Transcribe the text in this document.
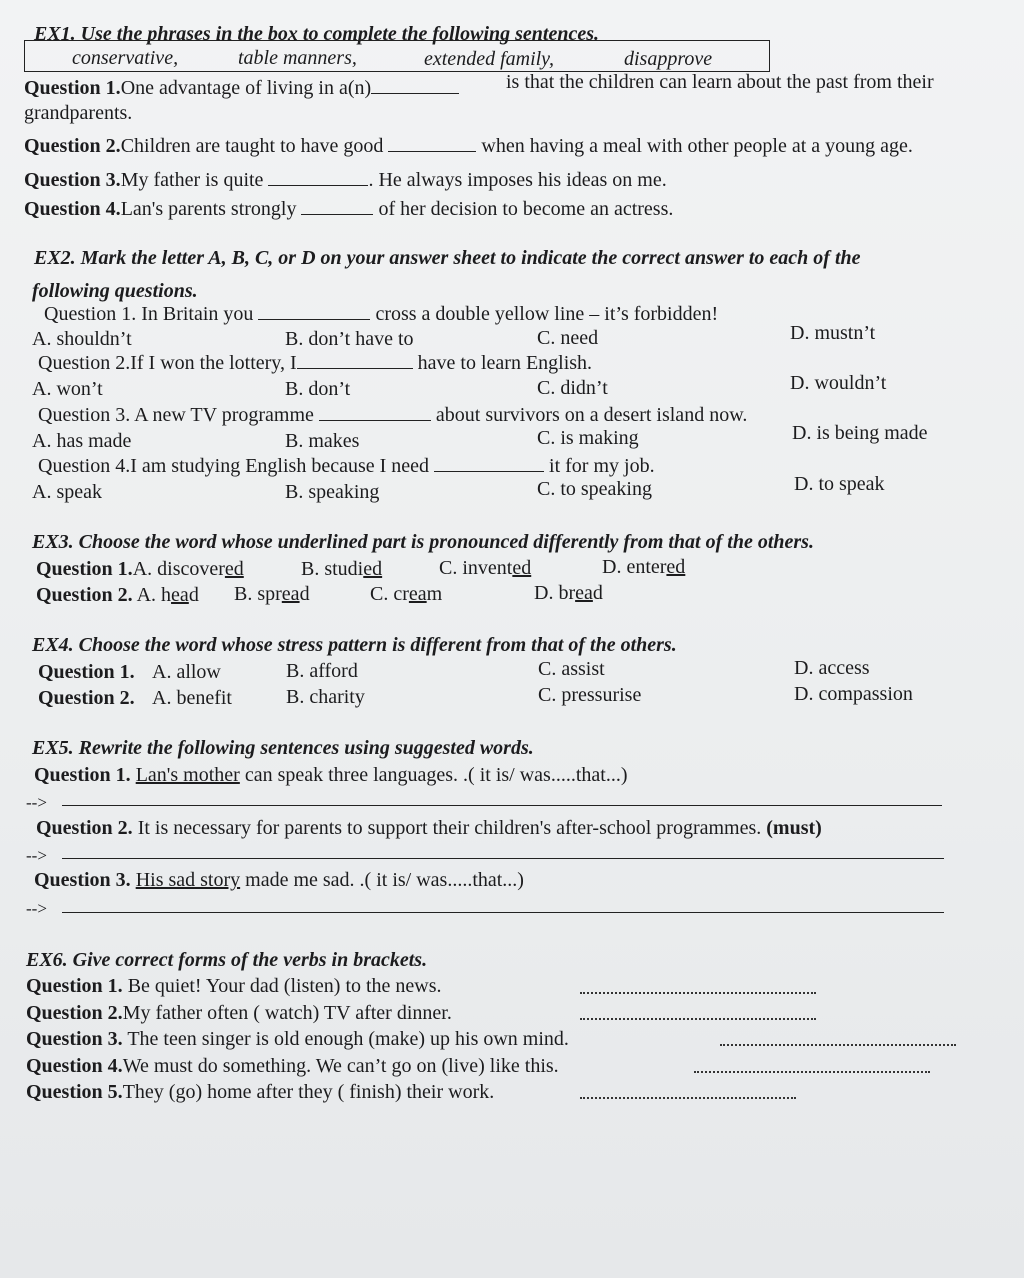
EX1. Use the phrases in the box to complete the following sentences.
conservative,	table manners,	extended family,	disapprove
Question 1.One advantage of living in a(n)	is that the children can learn about the past from their
grandparents.
Question 2.Children are taught to have good	when having a meal with other people at a young age.
Question 3.My father is quite	. He always imposes his ideas on me.
Question 4.Lan's parents strongly	of her decision to become an actress.
EX2. Mark the letter A, B, C, or D on your answer sheet to indicate the correct answer to each of the
following questions.
Question 1. In Britain you	cross a double yellow line – it’s forbidden!
A. shouldn’t	B. don’t have to	C. need	D. mustn’t
Question 2.If I won the lottery, I	have to learn English.
A. won’t	B. don’t	C. didn’t	D. wouldn’t
Question 3. A new TV programme	about survivors on a desert island now.
A. has made	B. makes	C. is making	D. is being made
Question 4.I am studying English because I need	it for my job.
A. speak	B. speaking	C. to speaking	D. to speak
EX3. Choose the word whose underlined part is pronounced differently from that of the others.
Question 1.A. discovered	B. studied	C. invented	D. entered
Question 2. A. head B. spread	C. cream	D. bread
EX4. Choose the word whose stress pattern is different from that of the others.
Question 1. A. allow	B. afford	C. assist	D. access
Question 2. A. benefit	B. charity	C. pressurise	D. compassion
EX5. Rewrite the following sentences using suggested words.
Question 1. Lan's mother can speak three languages. .( it is/ was.....that...)
-->
Question 2. It is necessary for parents to support their children's after-school programmes. (must)
-->
Question 3. His sad story made me sad. .( it is/ was.....that...)
-->
EX6. Give correct forms of the verbs in brackets.
Question 1. Be quiet! Your dad (listen) to the news.
Question 2.My father often ( watch) TV after dinner.
Question 3. The teen singer is old enough (make) up his own mind.
Question 4.We must do something. We can’t go on (live) like this.
Question 5.They (go) home after they ( finish) their work.
